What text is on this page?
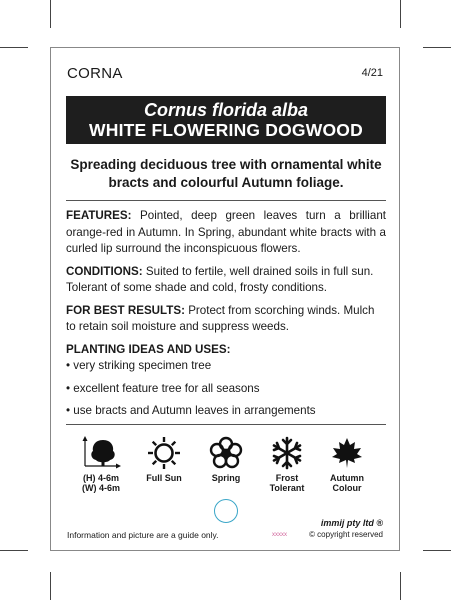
CORNA	4/21
Cornus florida alba
WHITE FLOWERING DOGWOOD
Spreading deciduous tree with ornamental white bracts and colourful Autumn foliage.

FEATURES: Pointed, deep green leaves turn a brilliant orange-red in Autumn. In Spring, abundant white bracts with a curled lip surround the inconspicuous flowers.

CONDITIONS: Suited to fertile, well drained soils in full sun. Tolerant of some shade and cold, frosty conditions.

FOR BEST RESULTS: Protect from scorching winds. Mulch to retain soil moisture and suppress weeds.

PLANTING IDEAS AND USES:

• very striking specimen tree

• excellent feature tree for all seasons

• use bracts and Autumn leaves in arrangements

(H) 4-6m
(W) 4-6m
Full Sun	Spring	Frost
Tolerant
Autumn
Colour
Information and picture are a guide only.	xxxxx
immij pty ltd ®
© copyright reserved
